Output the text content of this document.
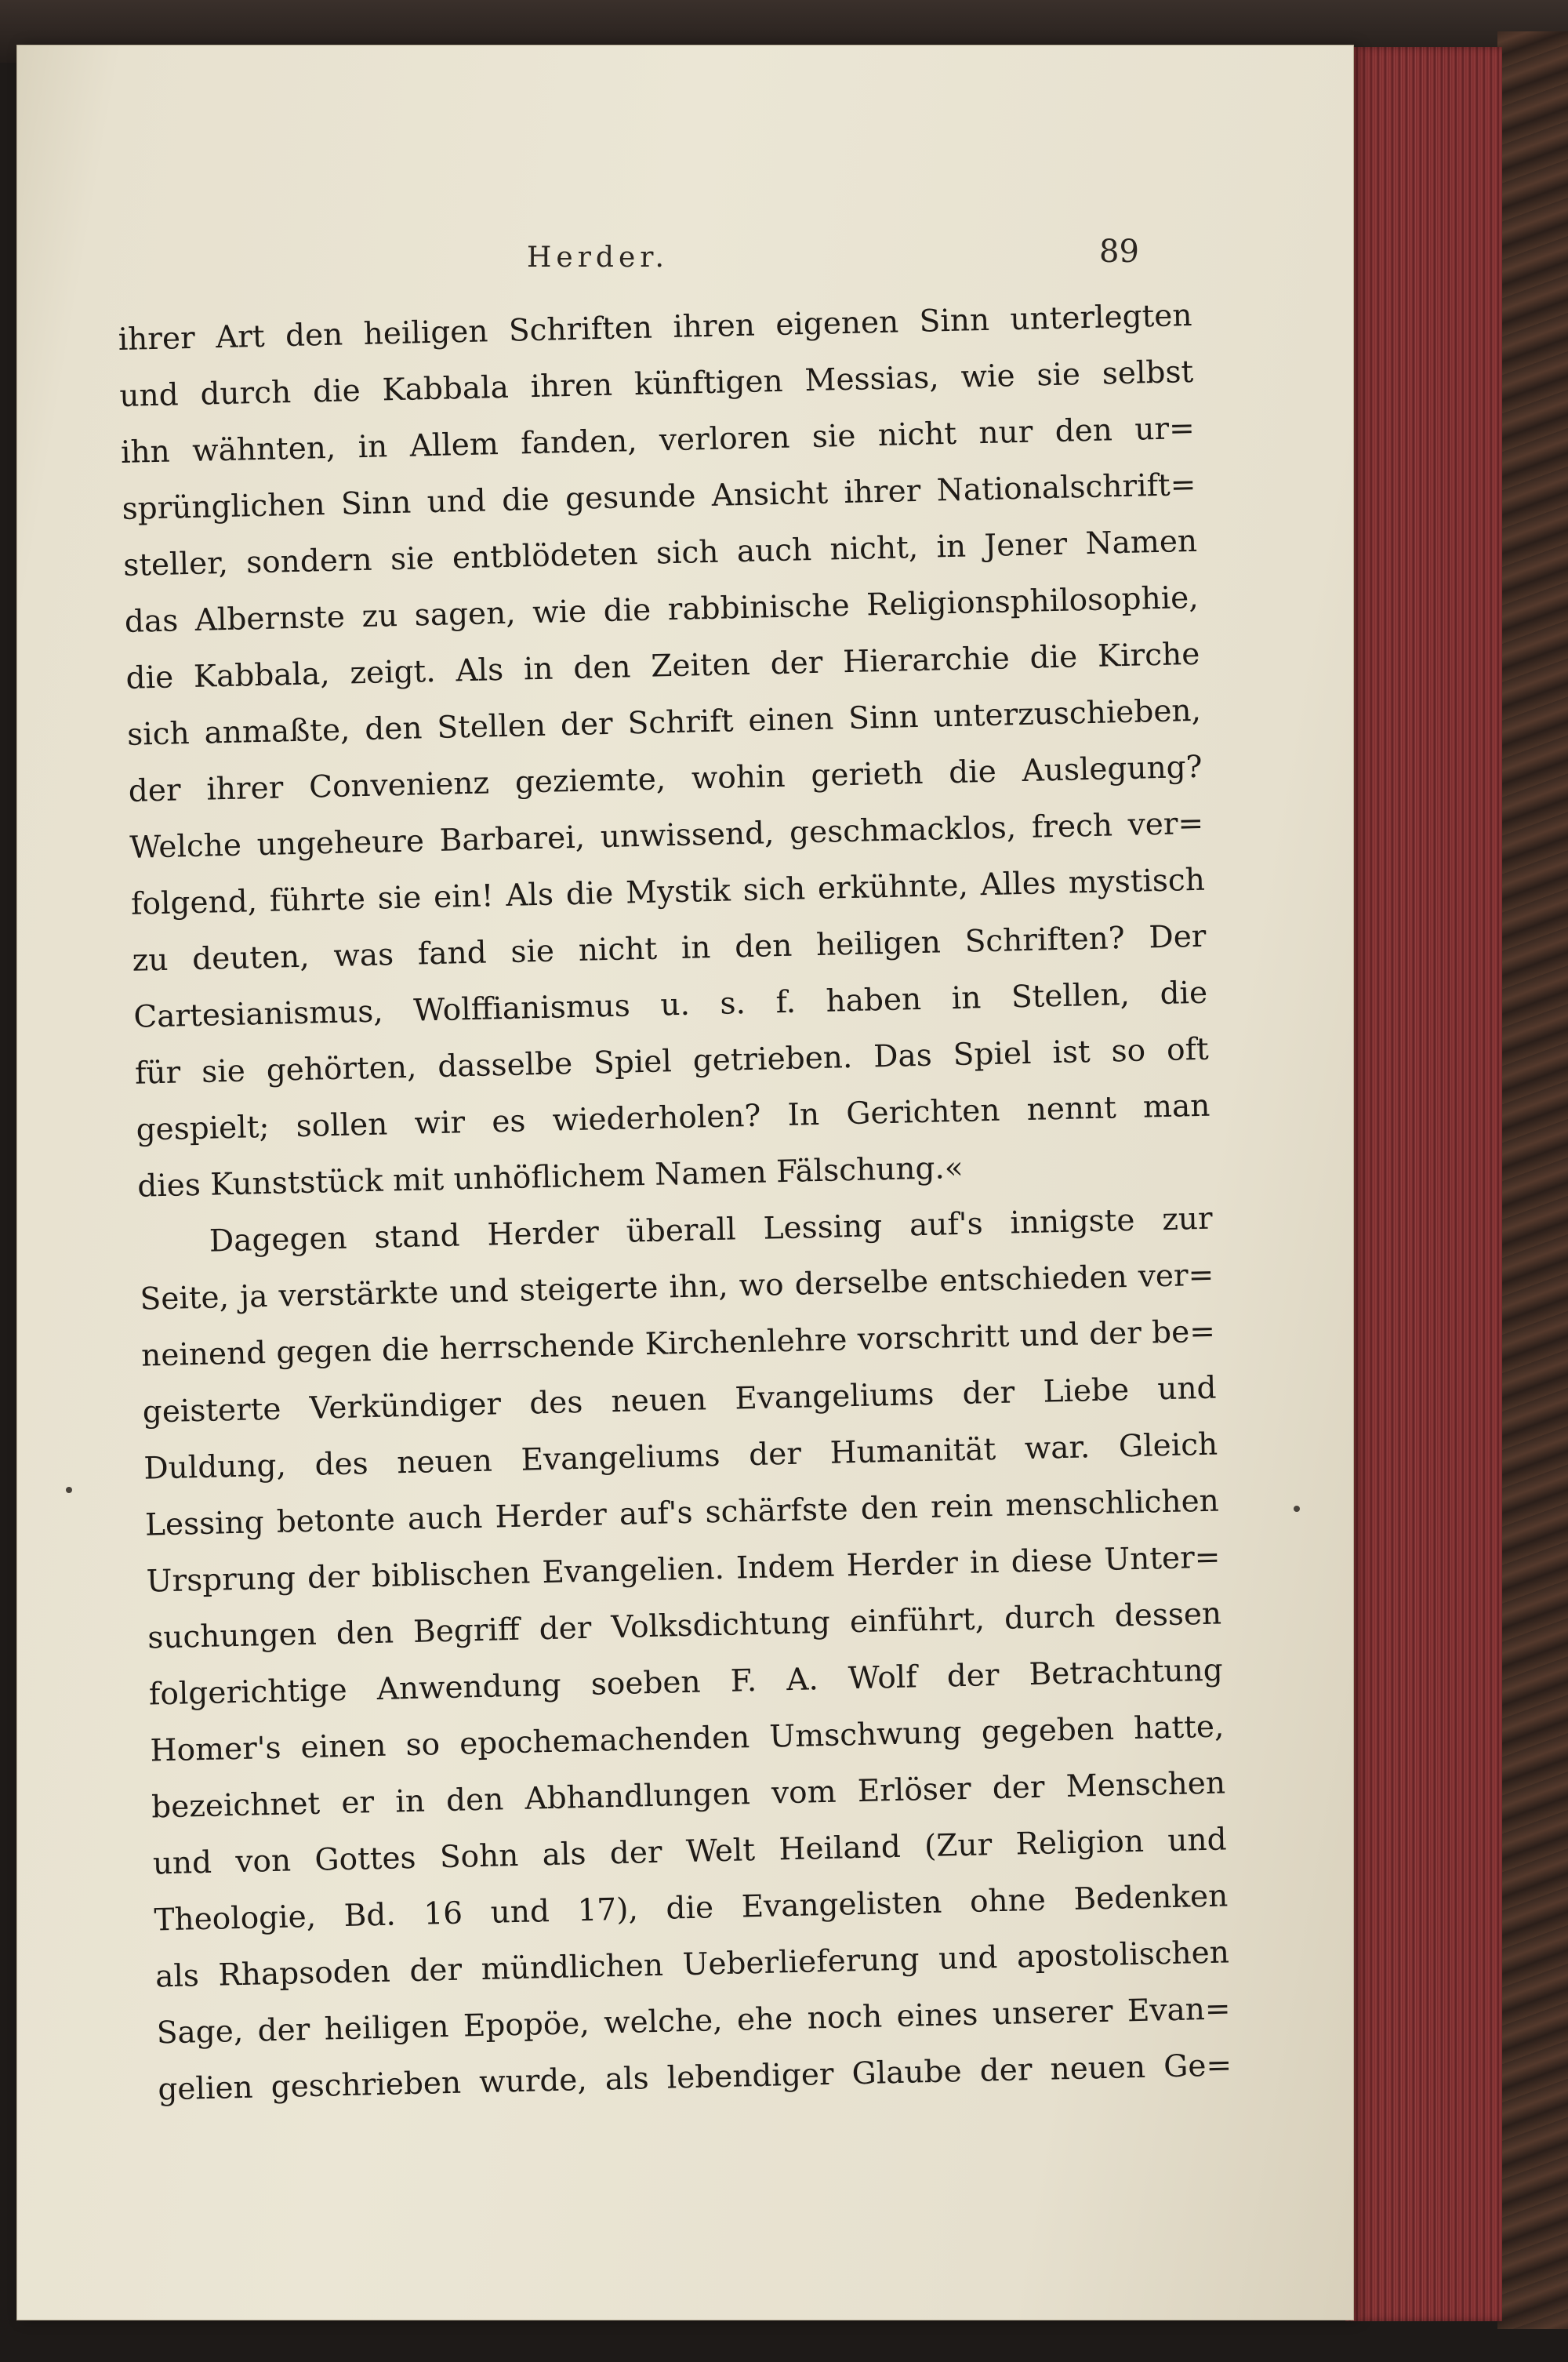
Herder.	89
ihrer Art den heiligen Schriften ihren eigenen Sinn unterlegten
und durch die Kabbala ihren künftigen Messias, wie sie selbst
ihn wähnten, in Allem fanden, verloren sie nicht nur den ur=
sprünglichen Sinn und die gesunde Ansicht ihrer Nationalschrift=
steller, sondern sie entblödeten sich auch nicht, in Jener Namen
das Albernste zu sagen, wie die rabbinische Religionsphilosophie,
die Kabbala, zeigt. Als in den Zeiten der Hierarchie die Kirche
sich anmaßte, den Stellen der Schrift einen Sinn unterzuschieben,
der ihrer Convenienz geziemte, wohin gerieth die Auslegung?
Welche ungeheure Barbarei, unwissend, geschmacklos, frech ver=
folgend, führte sie ein! Als die Mystik sich erkühnte, Alles mystisch
zu deuten, was fand sie nicht in den heiligen Schriften? Der
Cartesianismus, Wolffianismus u. s. f. haben in Stellen, die
für sie gehörten, dasselbe Spiel getrieben. Das Spiel ist so oft
gespielt; sollen wir es wiederholen? In Gerichten nennt man
dies Kunststück mit unhöflichem Namen Fälschung.«
Dagegen stand Herder überall Lessing auf's innigste zur
Seite, ja verstärkte und steigerte ihn, wo derselbe entschieden ver=
neinend gegen die herrschende Kirchenlehre vorschritt und der be=
geisterte Verkündiger des neuen Evangeliums der Liebe und
Duldung, des neuen Evangeliums der Humanität war. Gleich
Lessing betonte auch Herder auf's schärfste den rein menschlichen
Ursprung der biblischen Evangelien. Indem Herder in diese Unter=
suchungen den Begriff der Volksdichtung einführt, durch dessen
folgerichtige Anwendung soeben F. A. Wolf der Betrachtung
Homer's einen so epochemachenden Umschwung gegeben hatte,
bezeichnet er in den Abhandlungen vom Erlöser der Menschen
und von Gottes Sohn als der Welt Heiland (Zur Religion und
Theologie, Bd. 16 und 17), die Evangelisten ohne Bedenken
als Rhapsoden der mündlichen Ueberlieferung und apostolischen
Sage, der heiligen Epopöe, welche, ehe noch eines unserer Evan=
gelien geschrieben wurde, als lebendiger Glaube der neuen Ge=
